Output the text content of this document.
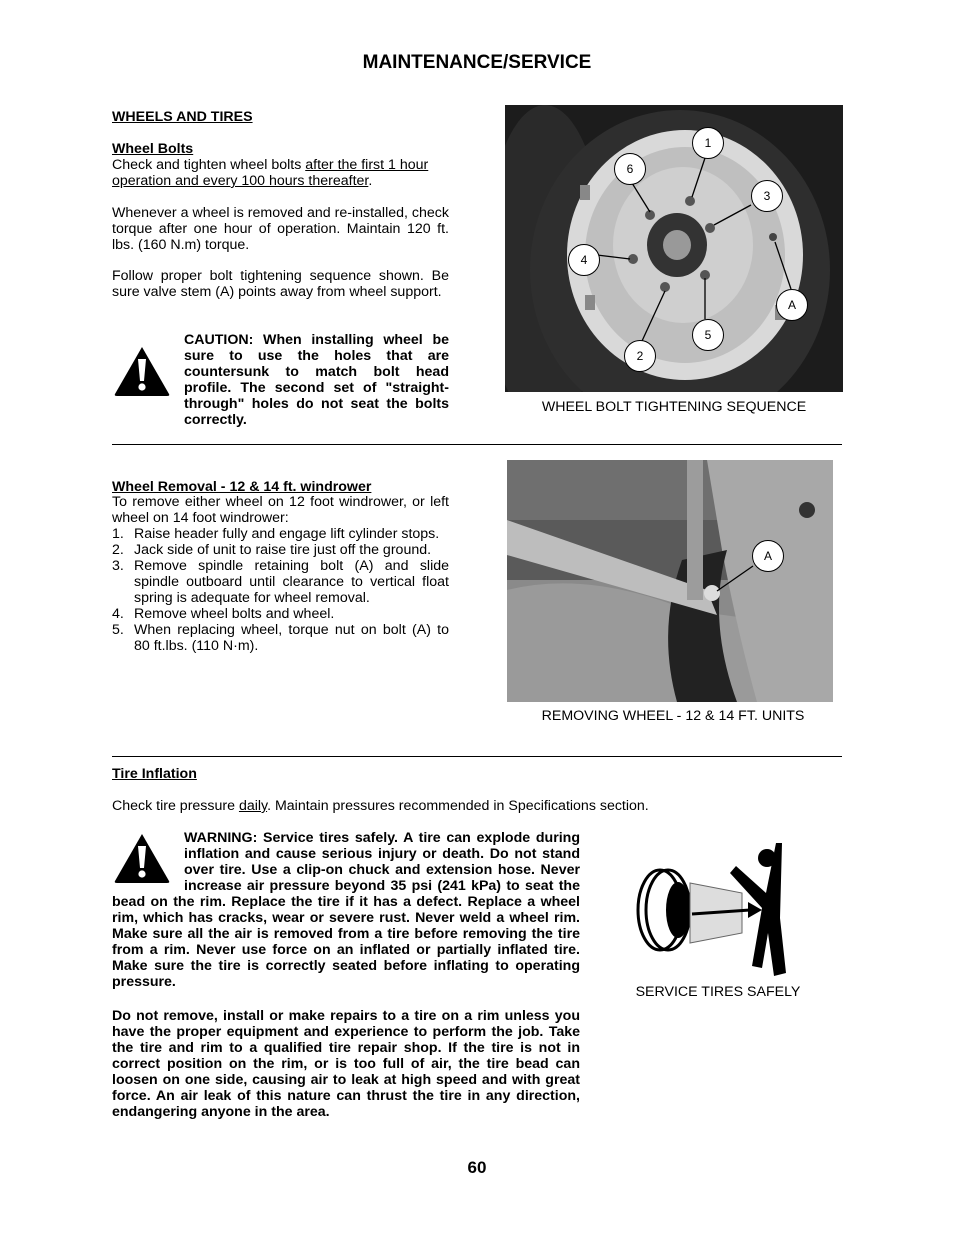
MAINTENANCE/SERVICE
WHEELS AND TIRES
Wheel Bolts
Check and tighten wheel bolts after the first 1 hour operation and every 100 hours thereafter.
Whenever a wheel is removed and re-installed, check torque after one hour of operation. Maintain 120 ft. lbs. (160 N.m) torque.
Follow proper bolt tightening sequence shown. Be sure valve stem (A) points away from wheel support.
CAUTION: When installing wheel be sure to use the holes that are countersunk to match bolt head profile. The second set of "straight-through" holes do not seat the bolts correctly.
1
6
3
4
A
5
2
WHEEL BOLT TIGHTENING SEQUENCE
Wheel Removal - 12 & 14 ft. windrower
To remove either wheel on 12 foot windrower, or left wheel on 14 foot windrower:
1. Raise header fully and engage lift cylinder stops.
2. Jack side of unit to raise tire just off the ground.
3. Remove spindle retaining bolt (A) and slide spindle outboard until clearance to vertical float spring is adequate for wheel removal.
4. Remove wheel bolts and wheel.
5. When replacing wheel, torque nut on bolt (A) to 80 ft.lbs. (110 N·m).
A
REMOVING WHEEL - 12 & 14 FT. UNITS
Tire Inflation
Check tire pressure daily. Maintain pressures recommended in Specifications section.
WARNING: Service tires safely. A tire can explode during inflation and cause serious injury or death. Do not stand over tire. Use a clip-on chuck and extension hose. Never increase air pressure beyond 35 psi (241 kPa) to seat the bead on the rim. Replace the tire if it has a defect. Replace a wheel rim, which has cracks, wear or severe rust. Never weld a wheel rim. Make sure all the air is removed from a tire before removing the tire from a rim. Never use force on an inflated or partially inflated tire. Make sure the tire is correctly seated before inflating to operating pressure.
Do not remove, install or make repairs to a tire on a rim unless you have the proper equipment and experience to perform the job. Take the tire and rim to a qualified tire repair shop. If the tire is not in correct position on the rim, or is too full of air, the tire bead can loosen on one side, causing air to leak at high speed and with great force. An air leak of this nature can thrust the tire in any direction, endangering anyone in the area.
SERVICE TIRES SAFELY
60
